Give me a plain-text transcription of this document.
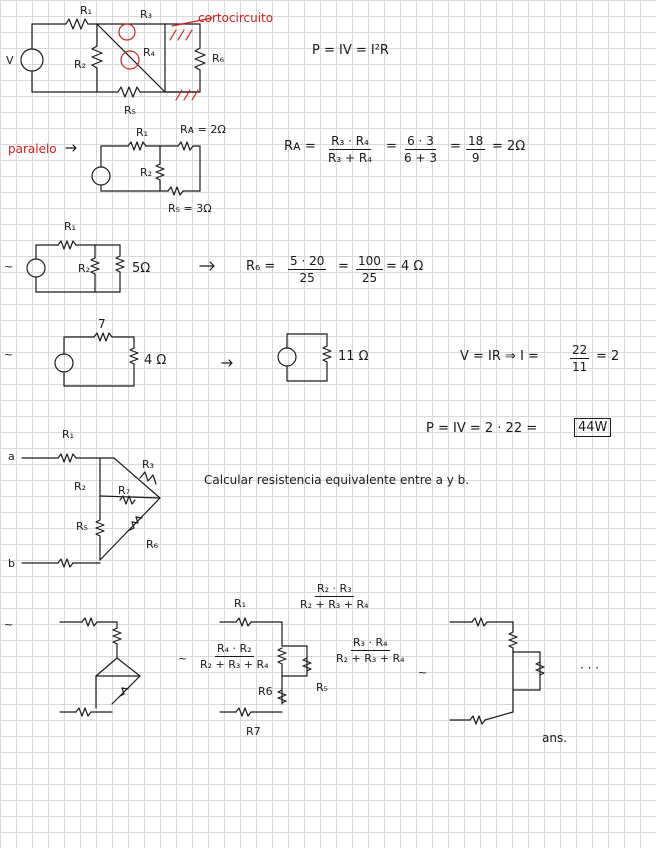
V
R₁	R₃
R₂
R₄	R₆
R₅
R₁
R₂
~
R₁
R₂
~
a
b
R₁
R₃
R₂	R₇
R₅
R₆
~
~
~
cortocircuito
paralelo
P = IV = I²R
Rᴀ = $\frac{\text{R₃ · R₄}}{\text{R₃ + R₄}} = \frac{6 \cdot 3}{6 + 3} = \frac{18}{9} = 2\Omega$
Rᴀ = 2Ω
R₅ = 3Ω
$R_6 = \frac{5 \cdot 20}{25} = \frac{100}{25} = 4$ Ω
5Ω
7
4 Ω	11 Ω	V = IR ⇒ I =	$\frac{22}{11} = 2$
P = IV = 2 · 22 =	44W
Calcular resistencia equivalente entre a y b.
$\frac{\text{R₂ · R₃}}{\text{R₂ + R₃ + R₄}}$
$\frac{\text{R₄ · R₂}}{\text{R₂ + R₃ + R₄}}$	$\frac{\text{R₃ · R₄}}{\text{R₂ + R₃ + R₄}}$
R₁
R6	R₅
R7
· · ·
ans.
